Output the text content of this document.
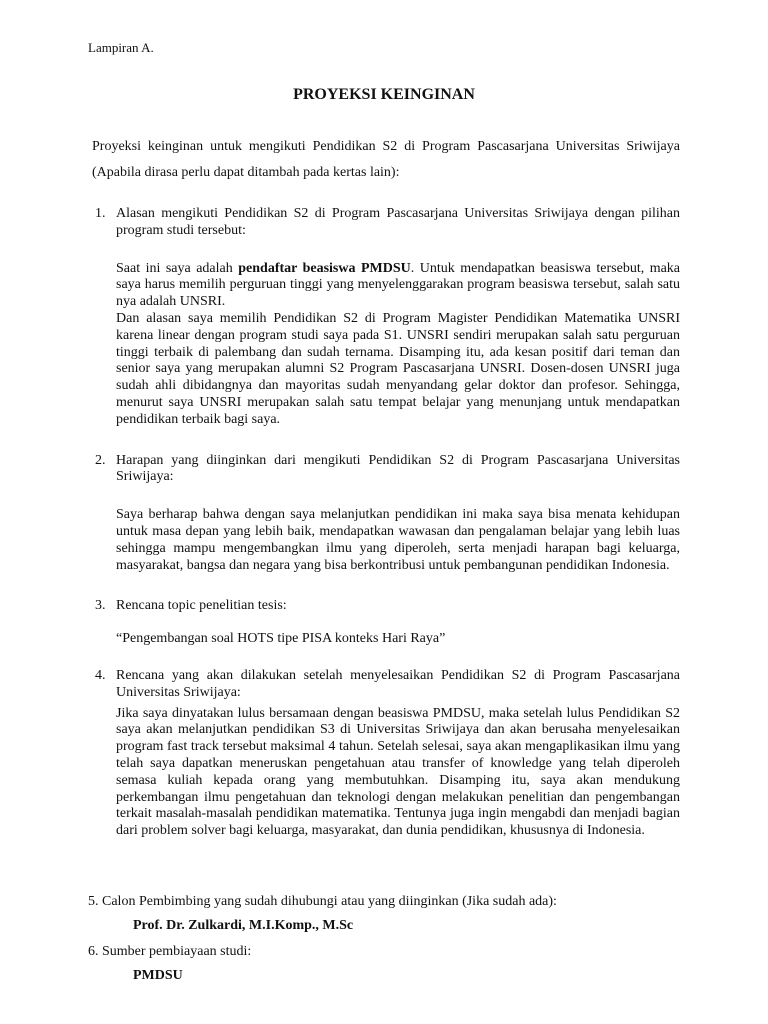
Lampiran A.
PROYEKSI KEINGINAN

Proyeksi keinginan untuk mengikuti Pendidikan S2 di Program Pascasarjana Universitas Sriwijaya (Apabila dirasa perlu dapat ditambah pada kertas lain):

1. Alasan mengikuti Pendidikan S2 di Program Pascasarjana Universitas Sriwijaya dengan pilihan program studi tersebut:

Saat ini saya adalah pendaftar beasiswa PMDSU. Untuk mendapatkan beasiswa tersebut, maka saya harus memilih perguruan tinggi yang menyelenggarakan program beasiswa tersebut, salah satu nya adalah UNSRI.

Dan alasan saya memilih Pendidikan S2 di Program Magister Pendidikan Matematika UNSRI karena linear dengan program studi saya pada S1. UNSRI sendiri merupakan salah satu perguruan tinggi terbaik di palembang dan sudah ternama. Disamping itu, ada kesan positif dari teman dan senior saya yang merupakan alumni S2 Program Pascasarjana UNSRI. Dosen-dosen UNSRI juga sudah ahli dibidangnya dan mayoritas sudah menyandang gelar doktor dan profesor. Sehingga, menurut saya UNSRI merupakan salah satu tempat belajar yang menunjang untuk mendapatkan pendidikan terbaik bagi saya.

2. Harapan yang diinginkan dari mengikuti Pendidikan S2 di Program Pascasarjana Universitas Sriwijaya:

Saya berharap bahwa dengan saya melanjutkan pendidikan ini maka saya bisa menata kehidupan untuk masa depan yang lebih baik, mendapatkan wawasan dan pengalaman belajar yang lebih luas sehingga mampu mengembangkan ilmu yang diperoleh, serta menjadi harapan bagi keluarga, masyarakat, bangsa dan negara yang bisa berkontribusi untuk pembangunan pendidikan Indonesia.

3. Rencana topic penelitian tesis:

“Pengembangan soal HOTS tipe PISA konteks Hari Raya”

4. Rencana yang akan dilakukan setelah menyelesaikan Pendidikan S2 di Program Pascasarjana Universitas Sriwijaya:

Jika saya dinyatakan lulus bersamaan dengan beasiswa PMDSU, maka setelah lulus Pendidikan S2 saya akan melanjutkan pendidikan S3 di Universitas Sriwijaya dan akan berusaha menyelesaikan program fast track tersebut maksimal 4 tahun. Setelah selesai, saya akan mengaplikasikan ilmu yang telah saya dapatkan meneruskan pengetahuan atau transfer of knowledge yang telah diperoleh semasa kuliah kepada orang yang membutuhkan. Disamping itu, saya akan mendukung perkembangan ilmu pengetahuan dan teknologi dengan melakukan penelitian dan pengembangan terkait masalah-masalah pendidikan matematika. Tentunya juga ingin mengabdi dan menjadi bagian dari problem solver bagi keluarga, masyarakat, dan dunia pendidikan, khususnya di Indonesia.

5. Calon Pembimbing yang sudah dihubungi atau yang diinginkan (Jika sudah ada):
Prof. Dr. Zulkardi, M.I.Komp., M.Sc
6. Sumber pembiayaan studi:
PMDSU
